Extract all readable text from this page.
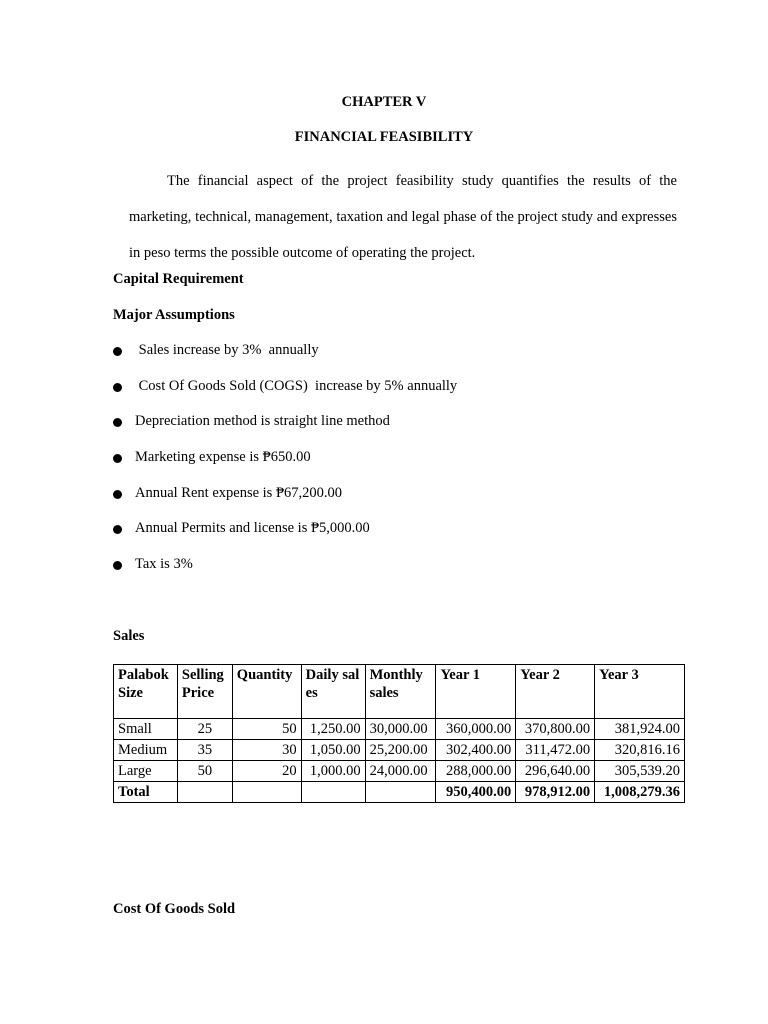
CHAPTER V
FINANCIAL FEASIBILITY
The financial aspect of the project feasibility study quantifies the results of the marketing, technical, management, taxation and legal phase of the project study and expresses in peso terms the possible outcome of operating the project.
Capital Requirement
Major Assumptions
Sales increase by 3%  annually
Cost Of Goods Sold (COGS)  increase by 5% annually
Depreciation method is straight line method
Marketing expense is ₱650.00
Annual Rent expense is ₱67,200.00
Annual Permits and license is ₱5,000.00
Tax is 3%
Sales
Palabok Size	Selling Price	Quantity	Daily sales	Monthly sales	Year 1	Year 2	Year 3
Small	25	50	1,250.00	30,000.00	360,000.00	370,800.00	381,924.00
Medium	35	30	1,050.00	25,200.00	302,400.00	311,472.00	320,816.16
Large	50	20	1,000.00	24,000.00	288,000.00	296,640.00	305,539.20
Total					950,400.00	978,912.00	1,008,279.36
Cost Of Goods Sold
